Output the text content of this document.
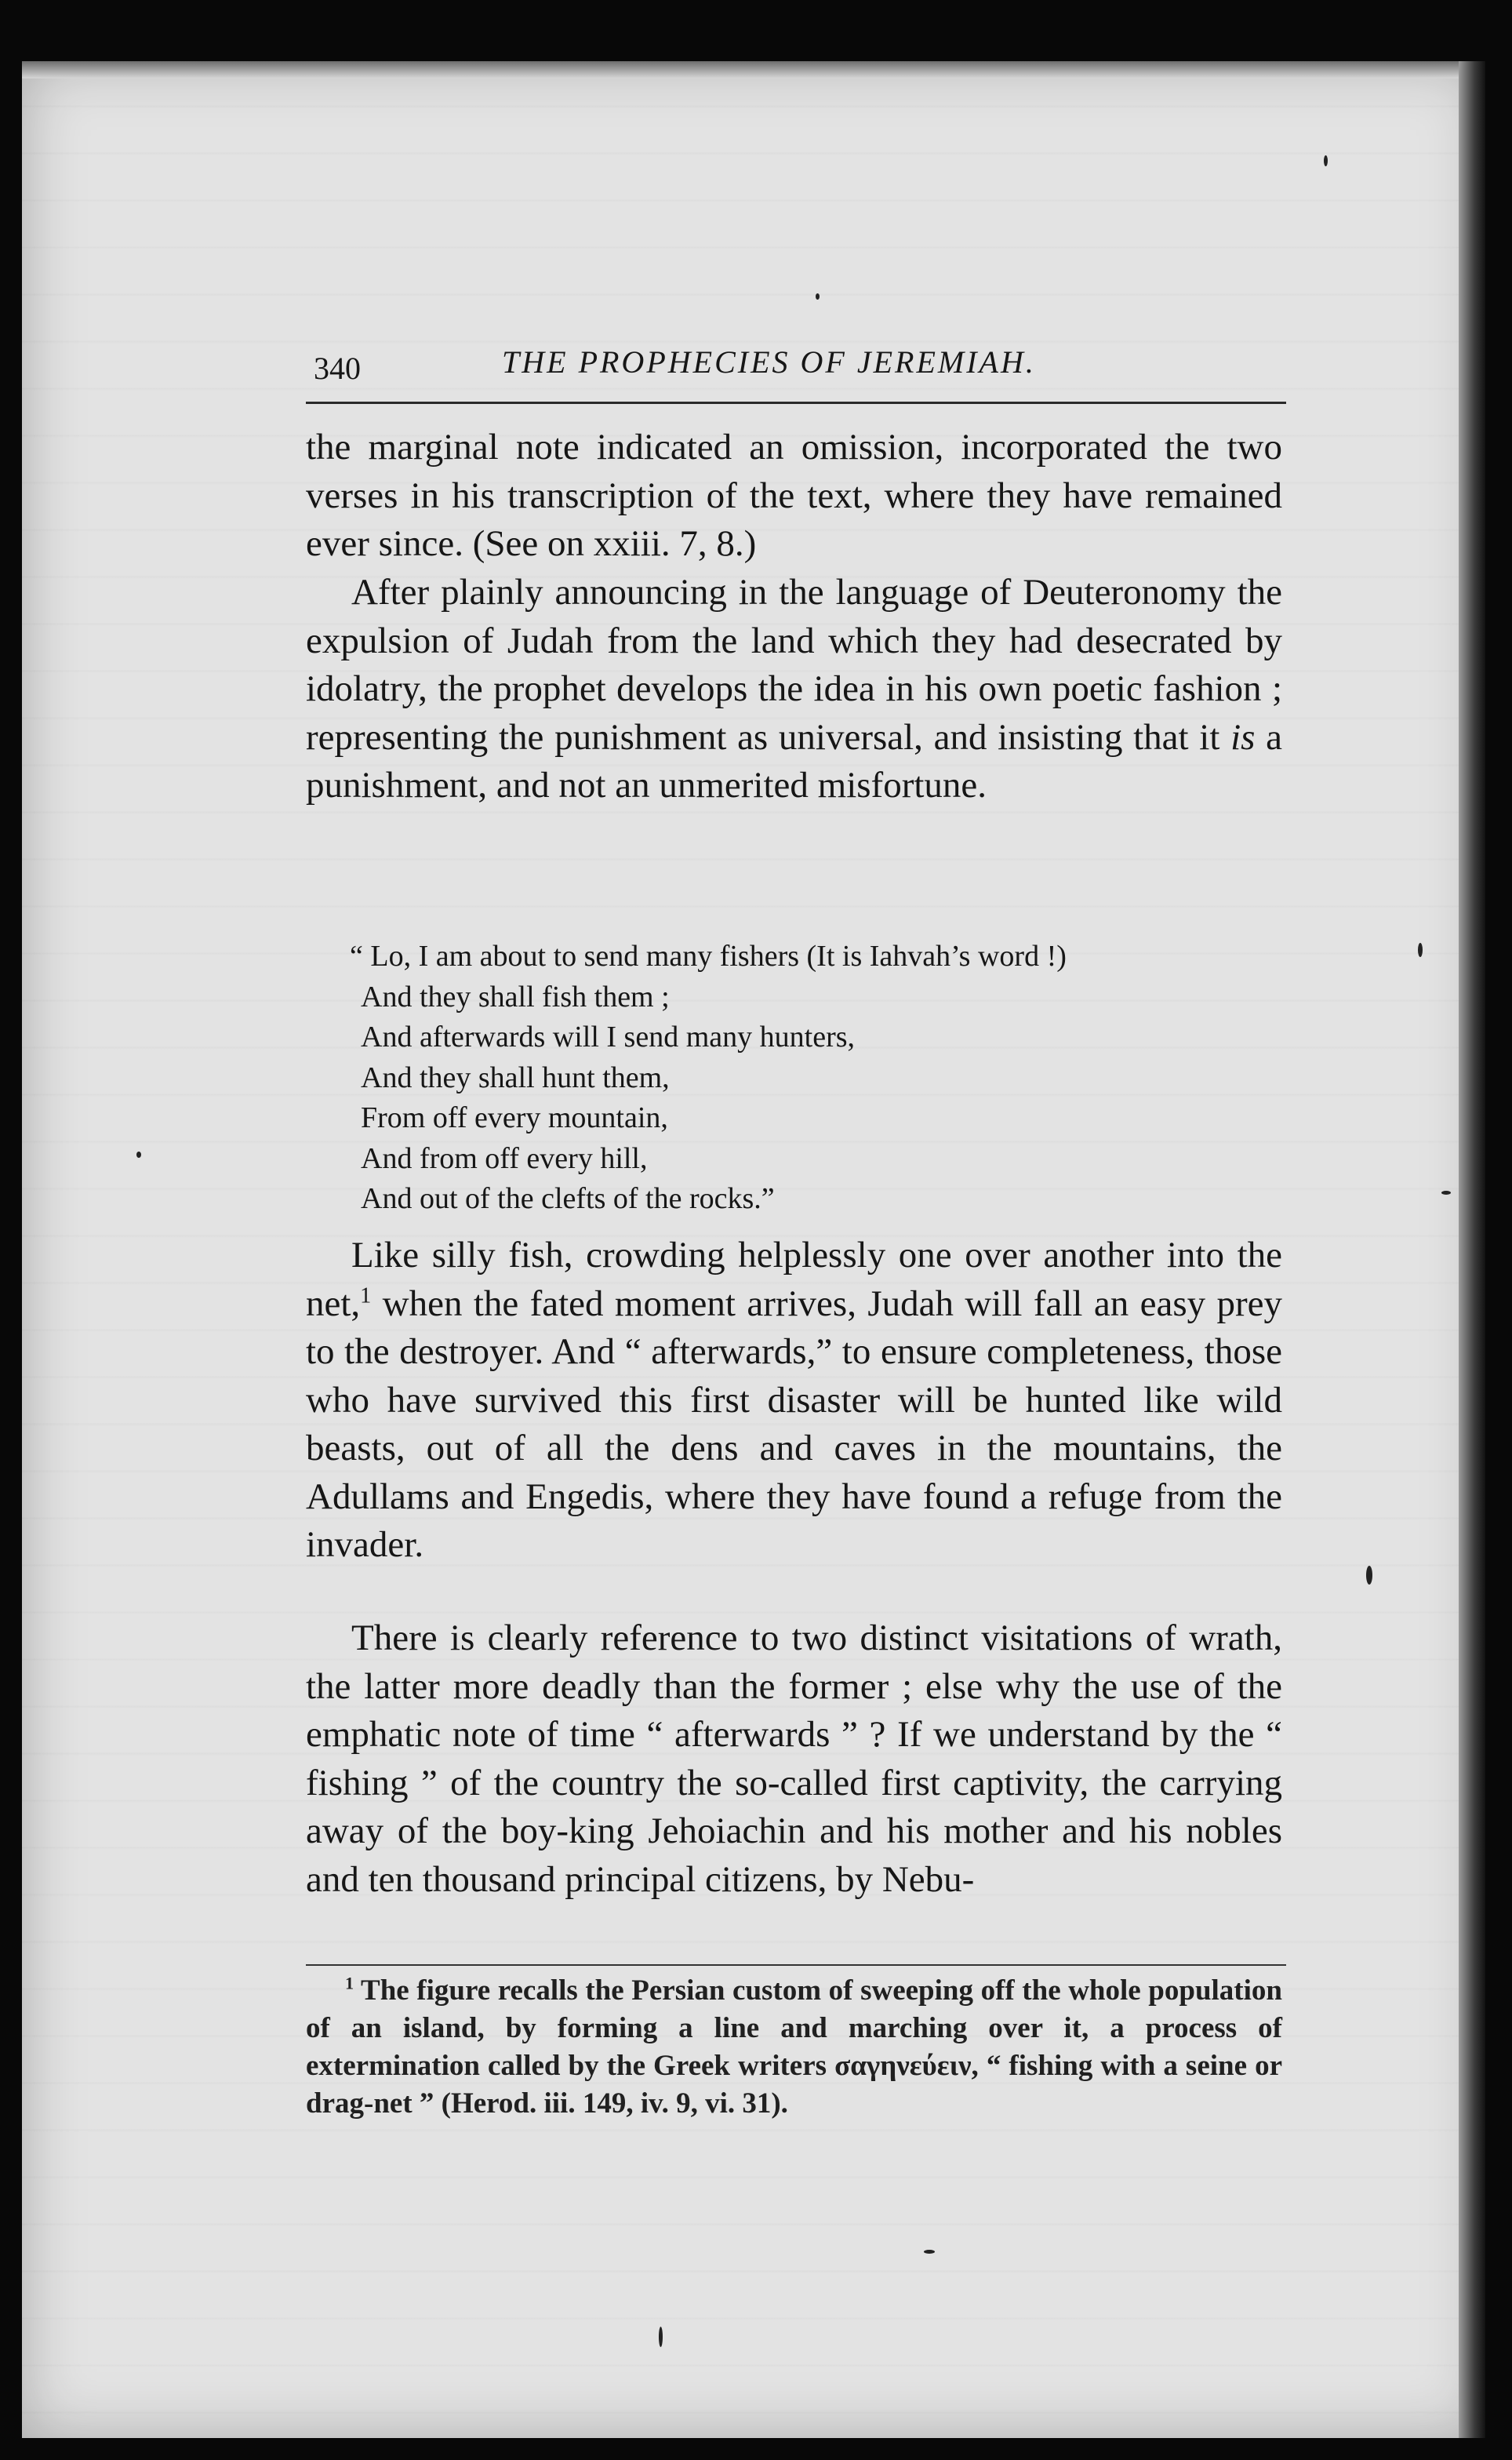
340	THE PROPHECIES OF JEREMIAH.

the marginal note indicated an omission, incorporated the two verses in his transcription of the text, where they have remained ever since. (See on xxiii. 7, 8.)

After plainly announcing in the language of Deuteronomy the expulsion of Judah from the land which they had desecrated by idolatry, the prophet develops the idea in his own poetic fashion ; representing the punishment as universal, and insisting that it is a punishment, and not an unmerited misfortune.

“ Lo, I am about to send many fishers (It is Iahvah’s word !)
And they shall fish them ;
And afterwards will I send many hunters,
And they shall hunt them,
From off every mountain,
And from off every hill,
And out of the clefts of the rocks.”

Like silly fish, crowding helplessly one over another into the net,$^1$ when the fated moment arrives, Judah will fall an easy prey to the destroyer. And “ afterwards,” to ensure completeness, those who have survived this first disaster will be hunted like wild beasts, out of all the dens and caves in the mountains, the Adullams and Engedis, where they have found a refuge from the invader.

There is clearly reference to two distinct visitations of wrath, the latter more deadly than the former ; else why the use of the emphatic note of time “ afterwards ” ? If we understand by the “ fishing ” of the country the so-called first captivity, the carrying away of the boy-king Jehoiachin and his mother and his nobles and ten thousand principal citizens, by Nebu-

$^1$ The figure recalls the Persian custom of sweeping off the whole population of an island, by forming a line and marching over it, a process of extermination called by the Greek writers σαγηνεύειν, “ fishing with a seine or drag-net ” (Herod. iii. 149, iv. 9, vi. 31).
